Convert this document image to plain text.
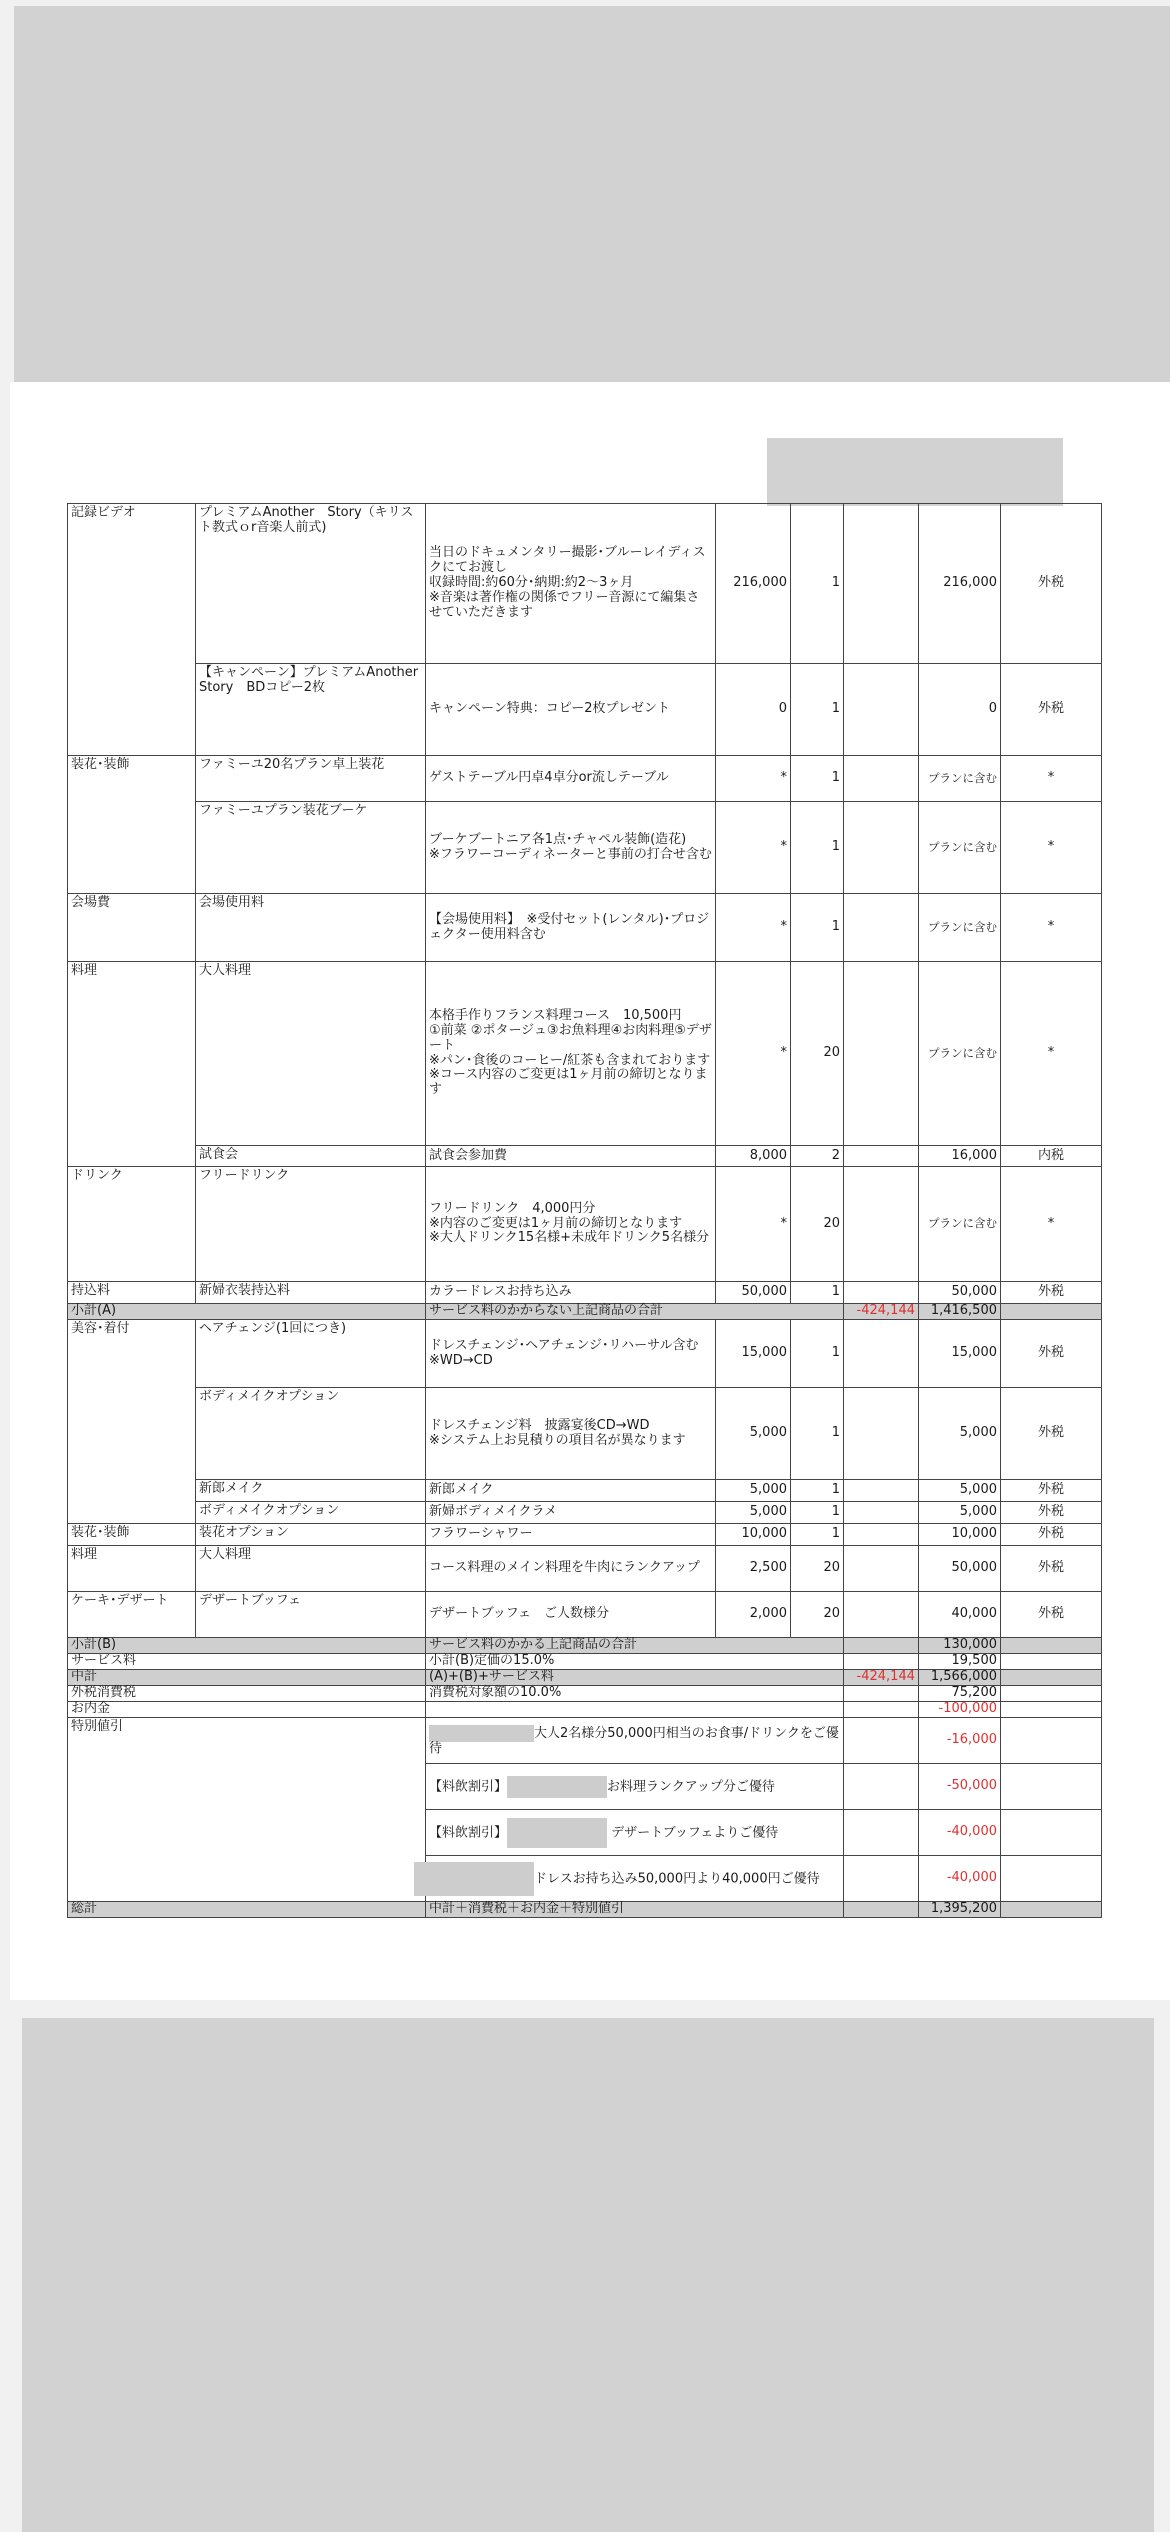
記録ビデオ	プレミアムAnother　Story（キリスト教式ｏr音楽人前式)	当日のドキュメンタリー撮影･ブルーレイディスクにてお渡し
収録時間:約60分･納期:約2～3ヶ月
※音楽は著作権の関係でフリー音源にて編集させていただきます	216,000	1		216,000	外税
	【キャンペーン】プレミアムAnother　Story　BDコピー2枚	キャンペーン特典：コピー2枚プレゼント	0	1		0	外税
装花･装飾	ファミーユ20名プラン卓上装花	ゲストテーブル円卓4卓分or流しテーブル	*	1		プランに含む	*
	ファミーユプラン装花ブーケ	ブーケブートニア各1点･チャペル装飾(造花)
※フラワーコーディネーターと事前の打合せ含む	*	1		プランに含む	*
会場費	会場使用料	【会場使用料】　※受付セット(レンタル)･プロジェクター使用料含む	*	1		プランに含む	*
料理	大人料理	本格手作りフランス料理コース　10,500円
①前菜 ②ポタージュ③お魚料理④お肉料理⑤デザート
※パン･食後のコーヒー/紅茶も含まれております
※コース内容のご変更は1ヶ月前の締切となります	*	20		プランに含む	*
	試食会	試食会参加費	8,000	2		16,000	内税
ドリンク	フリードリンク	フリードリンク　4,000円分
※内容のご変更は1ヶ月前の締切となります
※大人ドリンク15名様+未成年ドリンク5名様分	*	20		プランに含む	*
持込料	新婦衣装持込料	カラードレスお持ち込み	50,000	1		50,000	外税
小計(A)		サービス料のかからない上記商品の合計			-424,144	1,416,500	
美容･着付	ヘアチェンジ(1回につき)	ドレスチェンジ･ヘアチェンジ･リハーサル含む
※WD→CD	15,000	1		15,000	外税
	ボディメイクオプション	ドレスチェンジ料　披露宴後CD→WD
※システム上お見積りの項目名が異なります	5,000	1		5,000	外税
	新郎メイク	新郎メイク	5,000	1		5,000	外税
	ボディメイクオプション	新婦ボディメイクラメ	5,000	1		5,000	外税
装花･装飾	装花オプション	フラワーシャワー	10,000	1		10,000	外税
料理	大人料理	コース料理のメイン料理を牛肉にランクアップ	2,500	20		50,000	外税
ケーキ･デザート	デザートブッフェ	デザートブッフェ　ご人数様分	2,000	20		40,000	外税
小計(B)		サービス料のかかる上記商品の合計				130,000	
サービス料		小計(B)定価の15.0%				19,500	
中計		(A)+(B)+サービス料			-424,144	1,566,000	
外税消費税		消費税対象額の10.0%				75,200	
お内金						-100,000	
特別値引		大人2名様分50,000円相当のお食事/ドリンクをご優待				-16,000	
		【料飲割引】 お料理ランクアップ分ご優待				-50,000	
		【料飲割引】 デザートブッフェよりご優待				-40,000	
		ドレスお持ち込み50,000円より40,000円ご優待				-40,000	
総計		中計＋消費税＋お内金＋特別値引				1,395,200	
